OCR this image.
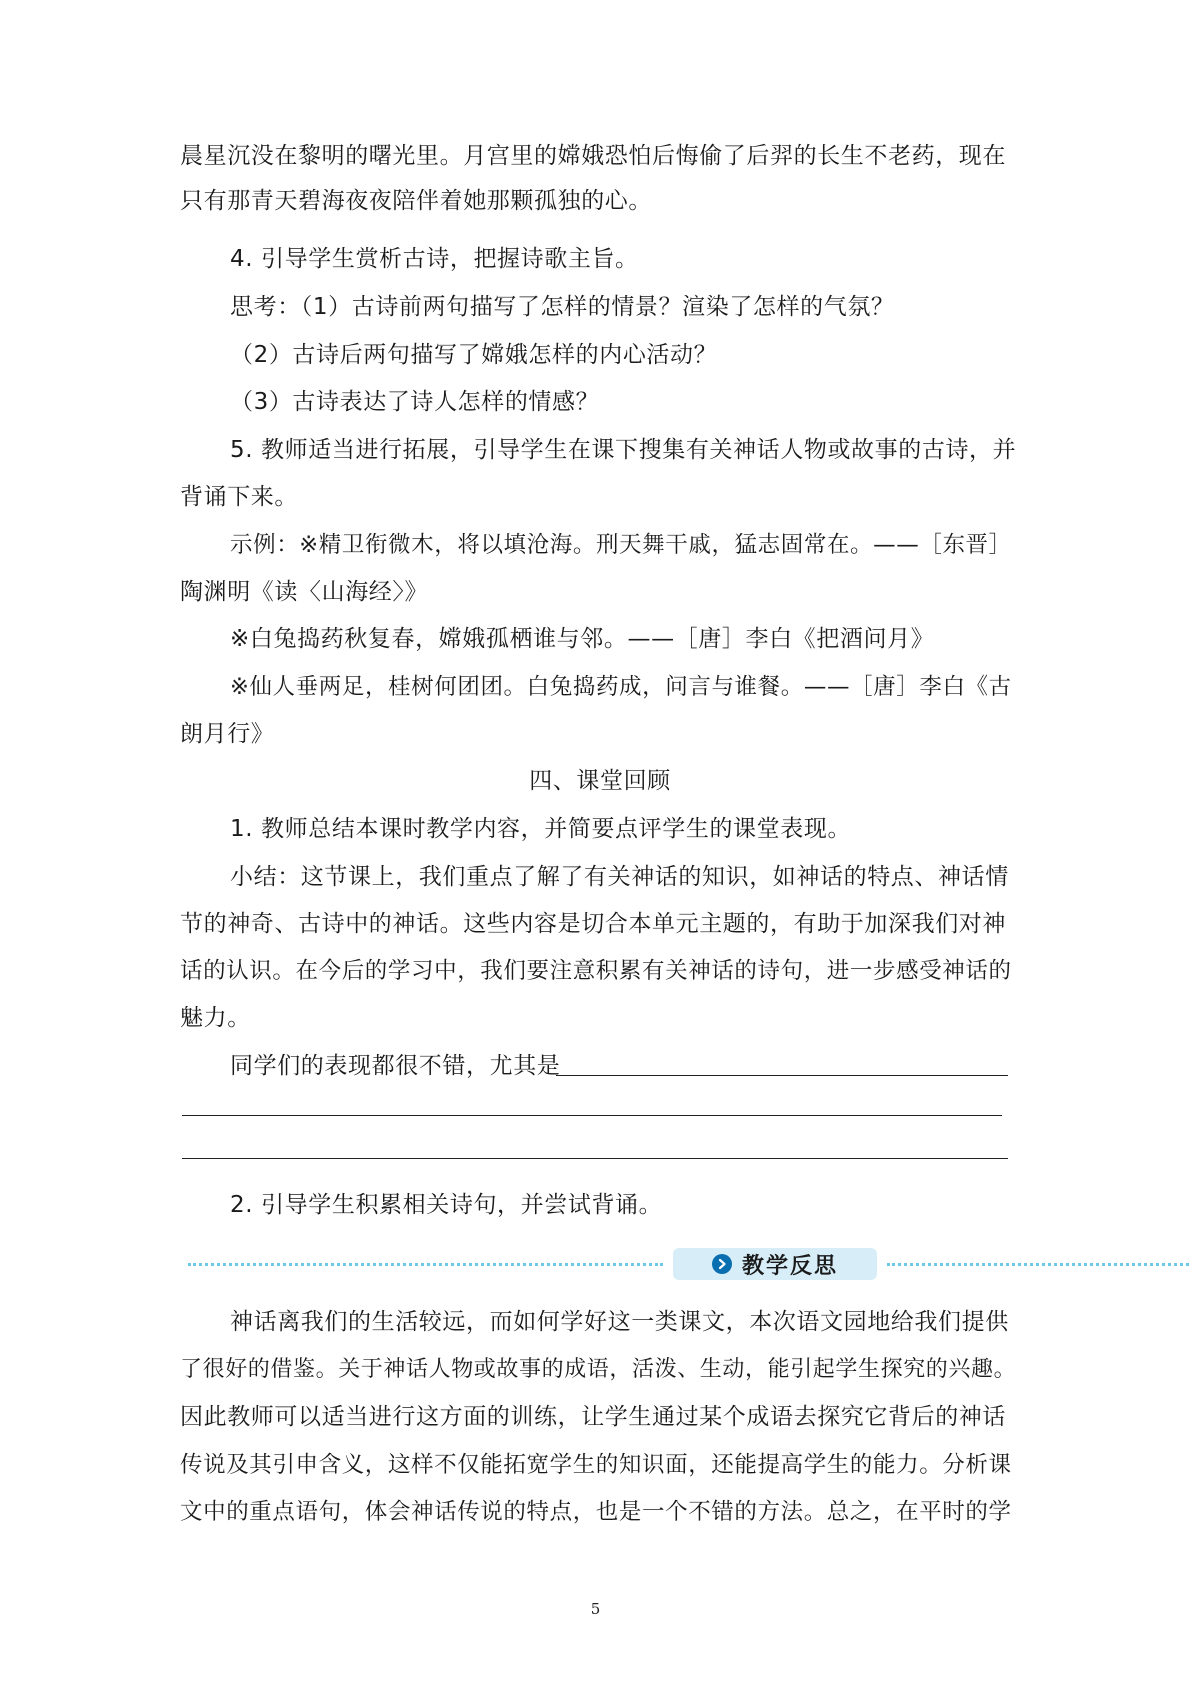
晨星沉没在黎明的曙光里。月宫里的嫦娥恐怕后悔偷了后羿的长生不老药，现在
只有那青天碧海夜夜陪伴着她那颗孤独的心。
4. 引导学生赏析古诗，把握诗歌主旨。
思考：（1）古诗前两句描写了怎样的情景？渲染了怎样的气氛？
（2）古诗后两句描写了嫦娥怎样的内心活动？
（3）古诗表达了诗人怎样的情感？
5. 教师适当进行拓展，引导学生在课下搜集有关神话人物或故事的古诗，并
背诵下来。
示例：※精卫衔微木，将以填沧海。刑天舞干戚，猛志固常在。——［东晋］
陶渊明《读〈山海经〉》
※白兔捣药秋复春，嫦娥孤栖谁与邻。——［唐］李白《把酒问月》
※仙人垂两足，桂树何团团。白兔捣药成，问言与谁餐。——［唐］李白《古
朗月行》
四、课堂回顾
1. 教师总结本课时教学内容，并简要点评学生的课堂表现。
小结：这节课上，我们重点了解了有关神话的知识，如神话的特点、神话情
节的神奇、古诗中的神话。这些内容是切合本单元主题的，有助于加深我们对神
话的认识。在今后的学习中，我们要注意积累有关神话的诗句，进一步感受神话的
魅力。
同学们的表现都很不错，尤其是
2. 引导学生积累相关诗句，并尝试背诵。
教学反思
神话离我们的生活较远，而如何学好这一类课文，本次语文园地给我们提供
了很好的借鉴。关于神话人物或故事的成语，活泼、生动，能引起学生探究的兴趣。
因此教师可以适当进行这方面的训练，让学生通过某个成语去探究它背后的神话
传说及其引申含义，这样不仅能拓宽学生的知识面，还能提高学生的能力。分析课
文中的重点语句，体会神话传说的特点，也是一个不错的方法。总之，在平时的学
5
